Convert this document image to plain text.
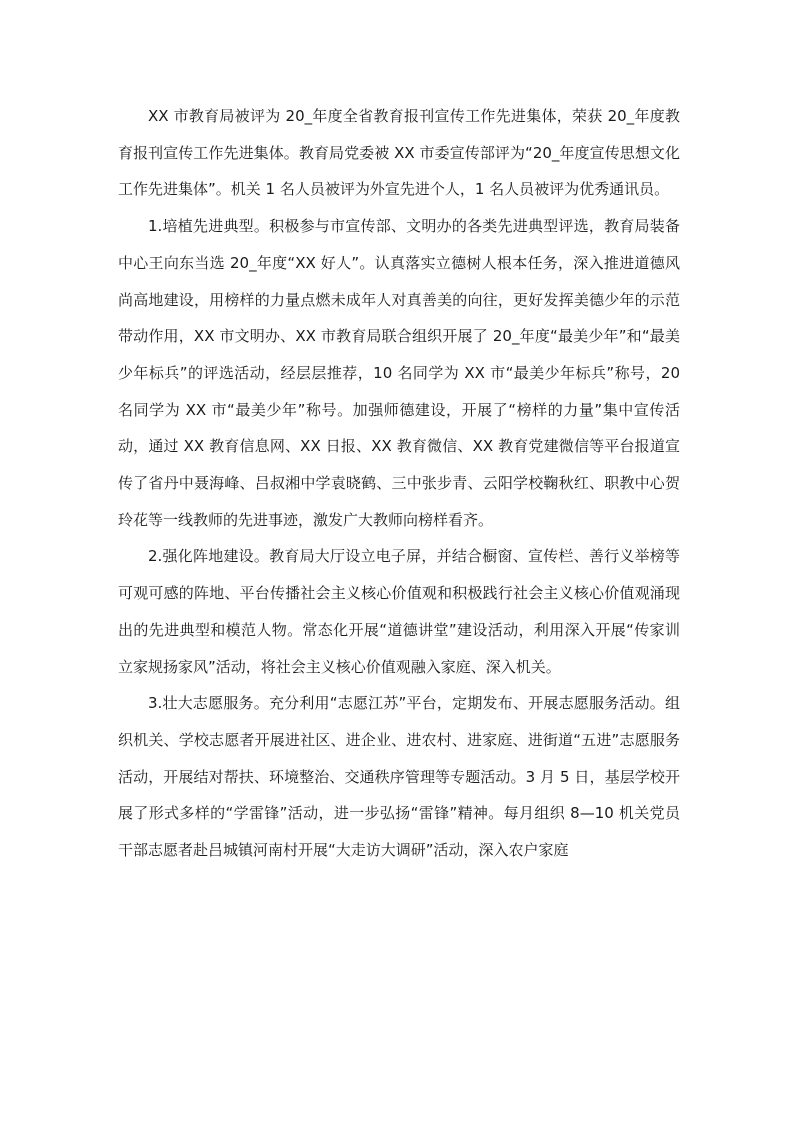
XX 市教育局被评为 20_年度全省教育报刊宣传工作先进集体，荣获 20_年度教育报刊宣传工作先进集体。教育局党委被 XX 市委宣传部评为“20_年度宣传思想文化工作先进集体”。机关 1 名人员被评为外宣先进个人，1 名人员被评为优秀通讯员。

1.培植先进典型。积极参与市宣传部、文明办的各类先进典型评选，教育局装备中心王向东当选 20_年度“XX 好人”。认真落实立德树人根本任务，深入推进道德风尚高地建设，用榜样的力量点燃未成年人对真善美的向往，更好发挥美德少年的示范带动作用，XX 市文明办、XX 市教育局联合组织开展了 20_年度“最美少年”和“最美少年标兵”的评选活动，经层层推荐，10 名同学为 XX 市“最美少年标兵”称号，20 名同学为 XX 市“最美少年”称号。加强师德建设，开展了“榜样的力量”集中宣传活动，通过 XX 教育信息网、XX 日报、XX 教育微信、XX 教育党建微信等平台报道宣传了省丹中聂海峰、吕叔湘中学袁晓鹤、三中张步青、云阳学校鞠秋红、职教中心贺玲花等一线教师的先进事迹，激发广大教师向榜样看齐。

2.强化阵地建设。教育局大厅设立电子屏，并结合橱窗、宣传栏、善行义举榜等可观可感的阵地、平台传播社会主义核心价值观和积极践行社会主义核心价值观涌现出的先进典型和模范人物。常态化开展“道德讲堂”建设活动，利用深入开展“传家训立家规扬家风”活动，将社会主义核心价值观融入家庭、深入机关。

3.壮大志愿服务。充分利用“志愿江苏”平台，定期发布、开展志愿服务活动。组织机关、学校志愿者开展进社区、进企业、进农村、进家庭、进街道“五进”志愿服务活动，开展结对帮扶、环境整治、交通秩序管理等专题活动。3 月 5 日，基层学校开展了形式多样的“学雷锋”活动，进一步弘扬“雷锋”精神。每月组织 8—10 机关党员干部志愿者赴吕城镇河南村开展“大走访大调研”活动，深入农户家庭
